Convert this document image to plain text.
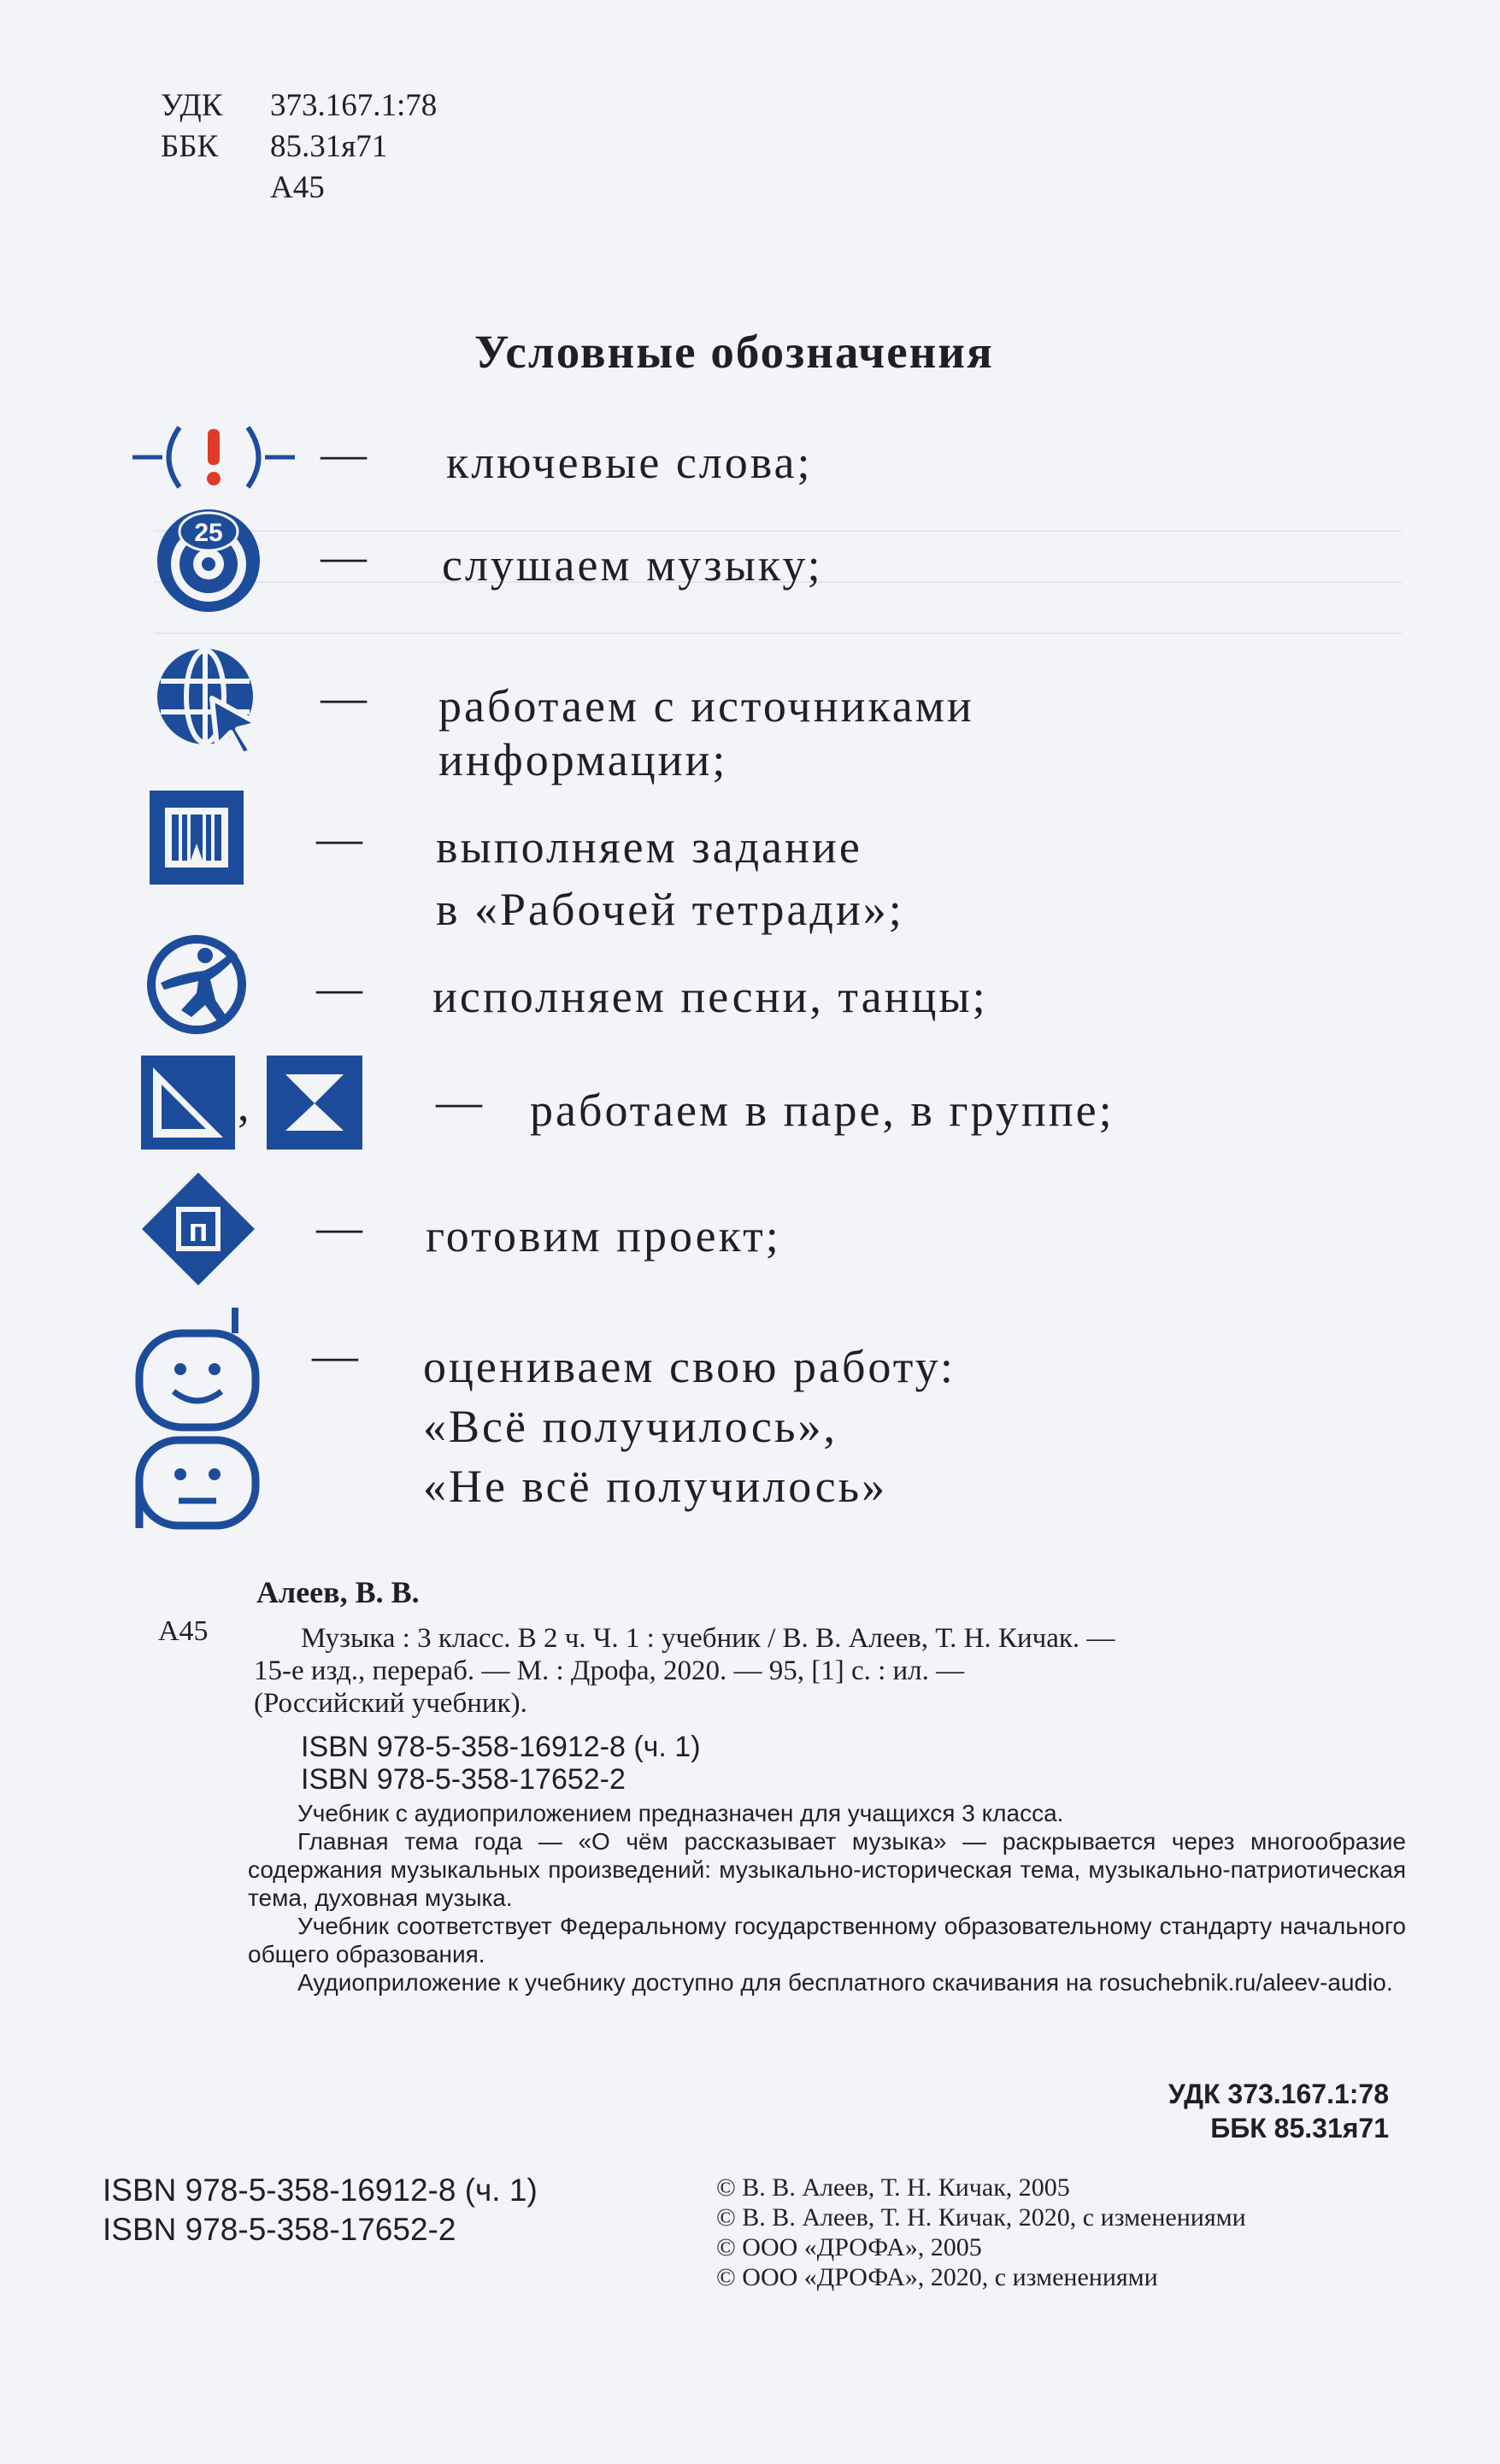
УДК	373.167.1:78
ББК	85.31я71
А45
Условные обозначения
— ключевые слова;
25 — слушаем музыку;
— работаем с источниками
информации;
— выполняем задание
в «Рабочей тетради»;
— исполняем песни, танцы;
,	— работаем в паре, в группе;
п — готовим проект;
— оцениваем свою работу:
«Всё получилось»,
«Не всё получилось»
Алеев, В. В.
А45	Музыка : 3 класс. В 2 ч. Ч. 1 : учебник / В. В. Алеев, Т. Н. Кичак. —
15-е изд., перераб. — М. : Дрофа, 2020. — 95, [1] с. : ил. —
(Российский учебник).
ISBN 978-5-358-16912-8 (ч. 1)
ISBN 978-5-358-17652-2

Учебник с аудиоприложением предназначен для учащихся 3 класса.

Главная тема года — «О чём рассказывает музыка» — раскрывается через многообразие содержания музыкальных произведений: музыкально-историческая тема, музыкально-патриотическая тема, духовная музыка.

Учебник соответствует Федеральному государственному образовательному стандарту начального общего образования.

Аудиоприложение к учебнику доступно для бесплатного скачивания на rosuchebnik.ru/aleev-audio.

УДК 373.167.1:78
ББК 85.31я71
ISBN 978-5-358-16912-8 (ч. 1)
ISBN 978-5-358-17652-2
© В. В. Алеев, Т. Н. Кичак, 2005
© В. В. Алеев, Т. Н. Кичак, 2020, с изменениями
© ООО «ДРОФА», 2005
© ООО «ДРОФА», 2020, с изменениями
